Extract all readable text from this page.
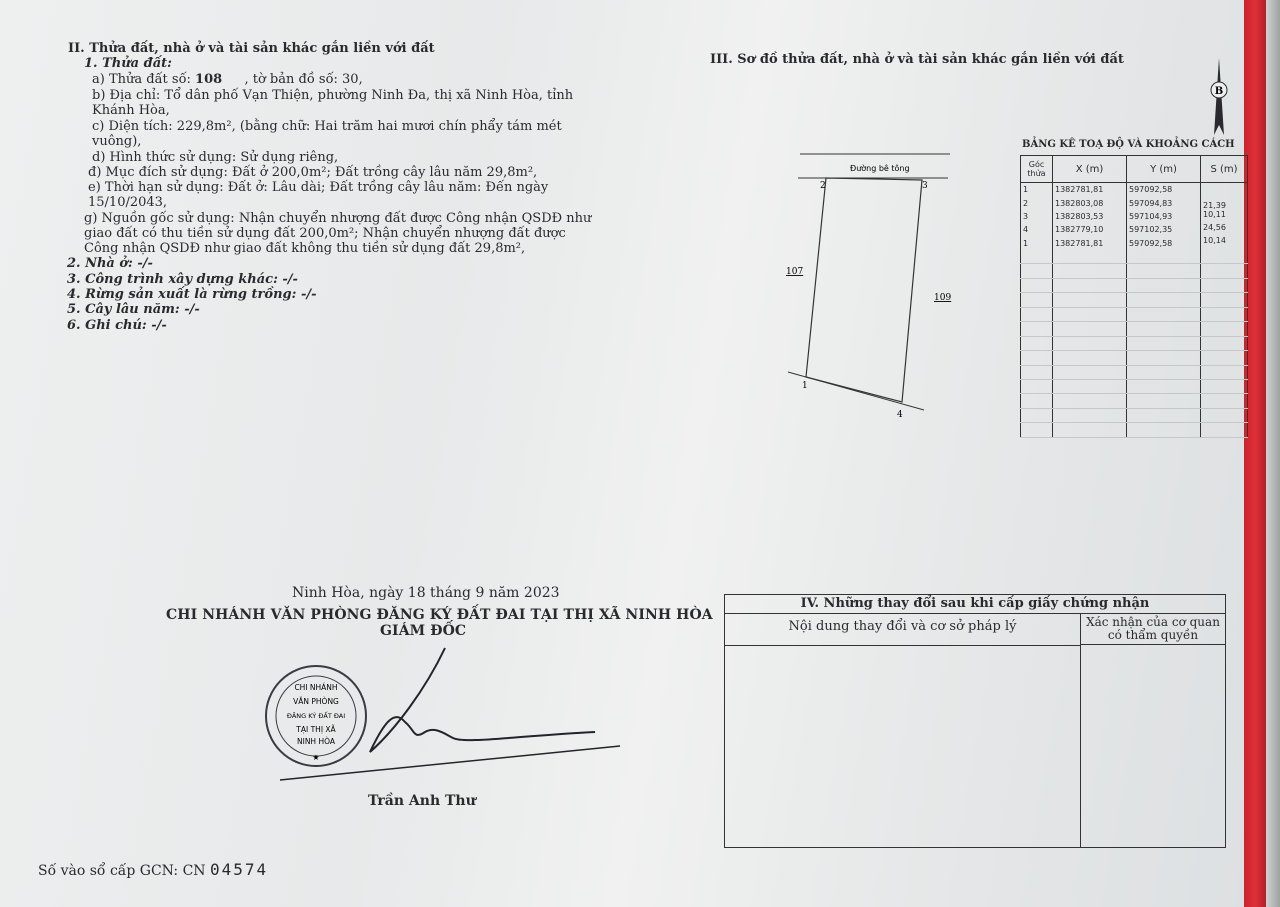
II. Thửa đất, nhà ở và tài sản khác gắn liền với đất
1. Thửa đất:
a) Thửa đất số: 108 , tờ bản đồ số: 30,
b) Địa chỉ: Tổ dân phố Vạn Thiện, phường Ninh Đa, thị xã Ninh Hòa, tỉnh
Khánh Hòa,
c) Diện tích: 229,8m², (bằng chữ: Hai trăm hai mươi chín phẩy tám mét
vuông),
d) Hình thức sử dụng: Sử dụng riêng,
đ) Mục đích sử dụng: Đất ở 200,0m²; Đất trồng cây lâu năm 29,8m²,
e) Thời hạn sử dụng: Đất ở: Lâu dài; Đất trồng cây lâu năm: Đến ngày
15/10/2043,
g) Nguồn gốc sử dụng: Nhận chuyển nhượng đất được Công nhận QSDĐ như
giao đất có thu tiền sử dụng đất 200,0m²; Nhận chuyển nhượng đất được
Công nhận QSDĐ như giao đất không thu tiền sử dụng đất 29,8m²,
2. Nhà ở: -/-
3. Công trình xây dựng khác: -/-
4. Rừng sản xuất là rừng trồng: -/-
5. Cây lâu năm: -/-
6. Ghi chú: -/-
III. Sơ đồ thửa đất, nhà ở và tài sản khác gắn liền với đất
B
Đường bê tông
2	3
1
4
107
109
BẢNG KÊ TOẠ ĐỘ VÀ KHOẢNG CÁCH
Góc thửa	X (m)	Y (m)	S (m)
1	1382781,81	597092,58	21,39
2	1382803,08	597094,83	
3	1382803,53	597104,93	10,11
4	1382779,10	597102,35	24,56
1	1382781,81	597092,58	10,14

Ninh Hòa, ngày 18 tháng 9 năm 2023
CHI NHÁNH VĂN PHÒNG ĐĂNG KÝ ĐẤT ĐAI TẠI THỊ XÃ NINH HÒA
GIÁM ĐỐC
CHI NHÁNH
VĂN PHÒNG
ĐĂNG KÝ ĐẤT ĐAI
TẠI THỊ XÃ
NINH HÒA
★
Trần Anh Thư
IV. Những thay đổi sau khi cấp giấy chứng nhận
Nội dung thay đổi và cơ sở pháp lý	Xác nhận của cơ quan
có thẩm quyền
Số vào sổ cấp GCN: CN 04574
